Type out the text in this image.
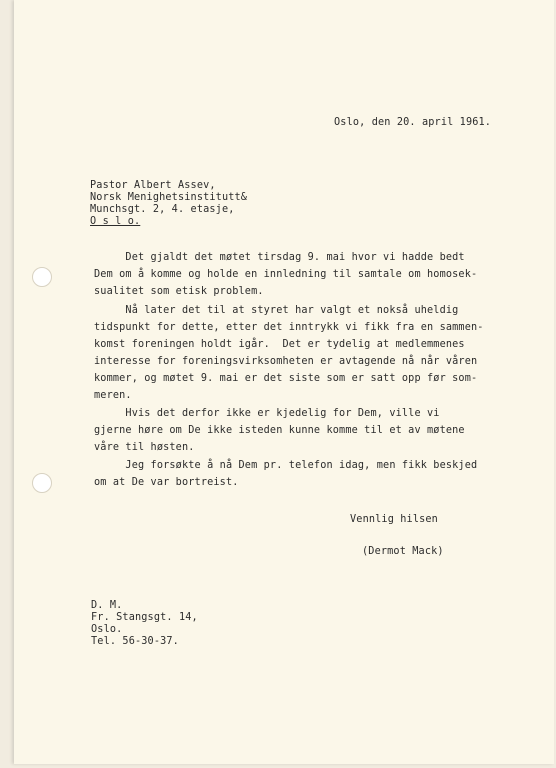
Oslo, den 20. april 1961.
Pastor Albert Assev,
Norsk Menighetsinstitutt&
Munchsgt. 2, 4. etasje,
O s l o.
Det gjaldt det møtet tirsdag 9. mai hvor vi hadde bedt
Dem om å komme og holde en innledning til samtale om homosek-
sualitet som etisk problem.
Nå later det til at styret har valgt et nokså uheldig
tidspunkt for dette, etter det inntrykk vi fikk fra en sammen-
komst foreningen holdt igår.  Det er tydelig at medlemmenes
interesse for foreningsvirksomheten er avtagende nå når våren
kommer, og møtet 9. mai er det siste som er satt opp før som-
meren.
Hvis det derfor ikke er kjedelig for Dem, ville vi
gjerne høre om De ikke isteden kunne komme til et av møtene
våre til høsten.
Jeg forsøkte å nå Dem pr. telefon idag, men fikk beskjed
om at De var bortreist.
Vennlig hilsen
(Dermot Mack)
D. M.
Fr. Stangsgt. 14,
Oslo.
Tel. 56-30-37.
